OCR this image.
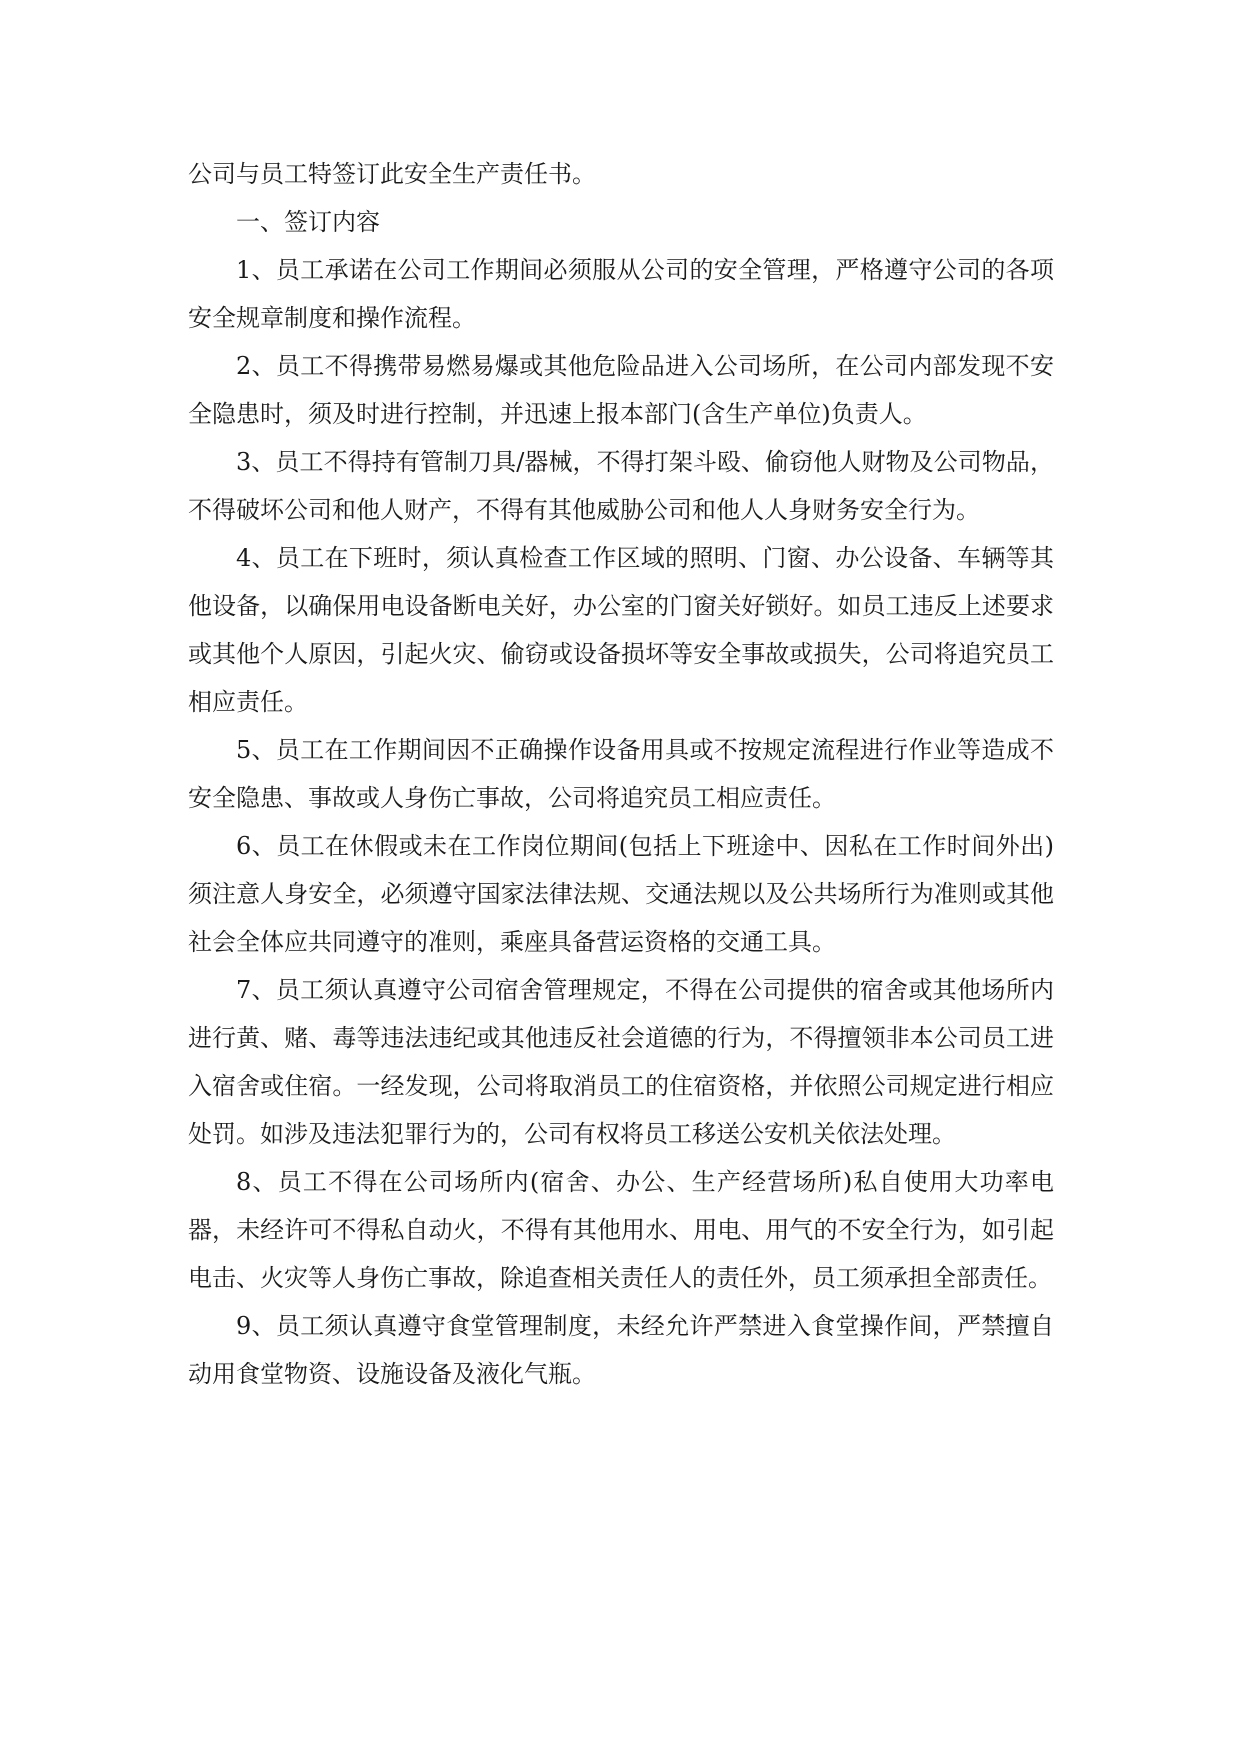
公司与员工特签订此安全生产责任书。

一、签订内容

1、员工承诺在公司工作期间必须服从公司的安全管理，严格遵守公司的各项安全规章制度和操作流程。

2、员工不得携带易燃易爆或其他危险品进入公司场所，在公司内部发现不安全隐患时，须及时进行控制，并迅速上报本部门(含生产单位)负责人。

3、员工不得持有管制刀具/器械，不得打架斗殴、偷窃他人财物及公司物品，不得破坏公司和他人财产，不得有其他威胁公司和他人人身财务安全行为。

4、员工在下班时，须认真检查工作区域的照明、门窗、办公设备、车辆等其他设备，以确保用电设备断电关好，办公室的门窗关好锁好。如员工违反上述要求或其他个人原因，引起火灾、偷窃或设备损坏等安全事故或损失，公司将追究员工相应责任。

5、员工在工作期间因不正确操作设备用具或不按规定流程进行作业等造成不安全隐患、事故或人身伤亡事故，公司将追究员工相应责任。

6、员工在休假或未在工作岗位期间(包括上下班途中、因私在工作时间外出)须注意人身安全，必须遵守国家法律法规、交通法规以及公共场所行为准则或其他社会全体应共同遵守的准则，乘座具备营运资格的交通工具。

7、员工须认真遵守公司宿舍管理规定，不得在公司提供的宿舍或其他场所内进行黄、赌、毒等违法违纪或其他违反社会道德的行为，不得擅领非本公司员工进入宿舍或住宿。一经发现，公司将取消员工的住宿资格，并依照公司规定进行相应处罚。如涉及违法犯罪行为的，公司有权将员工移送公安机关依法处理。

8、员工不得在公司场所内(宿舍、办公、生产经营场所)私自使用大功率电器，未经许可不得私自动火，不得有其他用水、用电、用气的不安全行为，如引起电击、火灾等人身伤亡事故，除追查相关责任人的责任外，员工须承担全部责任。

9、员工须认真遵守食堂管理制度，未经允许严禁进入食堂操作间，严禁擅自动用食堂物资、设施设备及液化气瓶。
